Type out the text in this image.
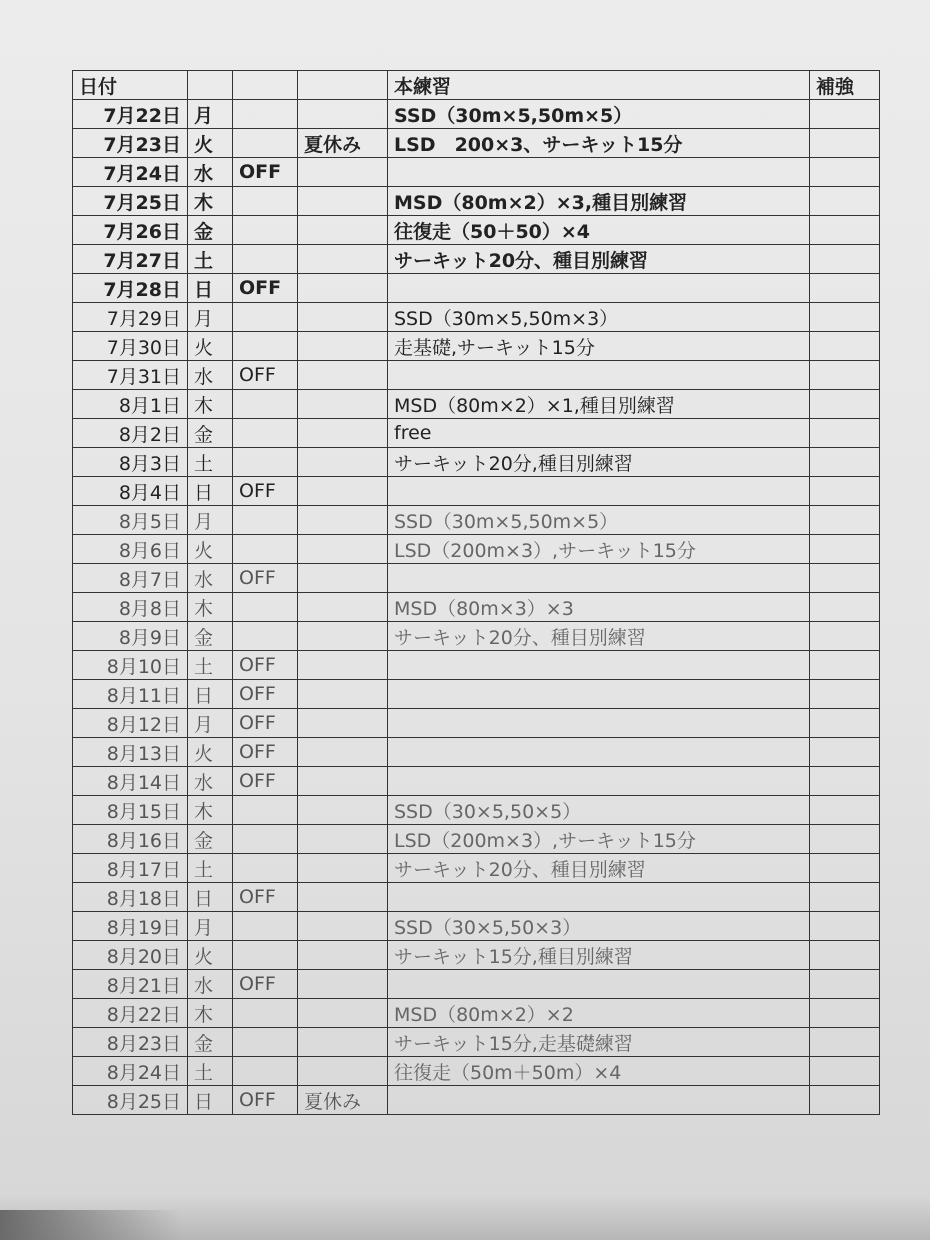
日付				本練習	補強
7月22日	月			SSD（30m×5,50m×5）	
7月23日	火		夏休み	LSD　200×3、サーキット15分	
7月24日	水	OFF			
7月25日	木			MSD（80m×2）×3,種目別練習	
7月26日	金			往復走（50＋50）×4	
7月27日	土			サーキット20分、種目別練習	
7月28日	日	OFF			
7月29日	月			SSD（30m×5,50m×3）	
7月30日	火			走基礎,サーキット15分	
7月31日	水	OFF			
8月1日	木			MSD（80m×2）×1,種目別練習	
8月2日	金			free	
8月3日	土			サーキット20分,種目別練習	
8月4日	日	OFF			
8月5日	月			SSD（30m×5,50m×5）	
8月6日	火			LSD（200m×3）,サーキット15分	
8月7日	水	OFF			
8月8日	木			MSD（80m×3）×3	
8月9日	金			サーキット20分、種目別練習	
8月10日	土	OFF			
8月11日	日	OFF			
8月12日	月	OFF			
8月13日	火	OFF			
8月14日	水	OFF			
8月15日	木			SSD（30×5,50×5）	
8月16日	金			LSD（200m×3）,サーキット15分	
8月17日	土			サーキット20分、種目別練習	
8月18日	日	OFF			
8月19日	月			SSD（30×5,50×3）	
8月20日	火			サーキット15分,種目別練習	
8月21日	水	OFF			
8月22日	木			MSD（80m×2）×2	
8月23日	金			サーキット15分,走基礎練習	
8月24日	土			往復走（50m＋50m）×4	
8月25日	日	OFF	夏休み		
